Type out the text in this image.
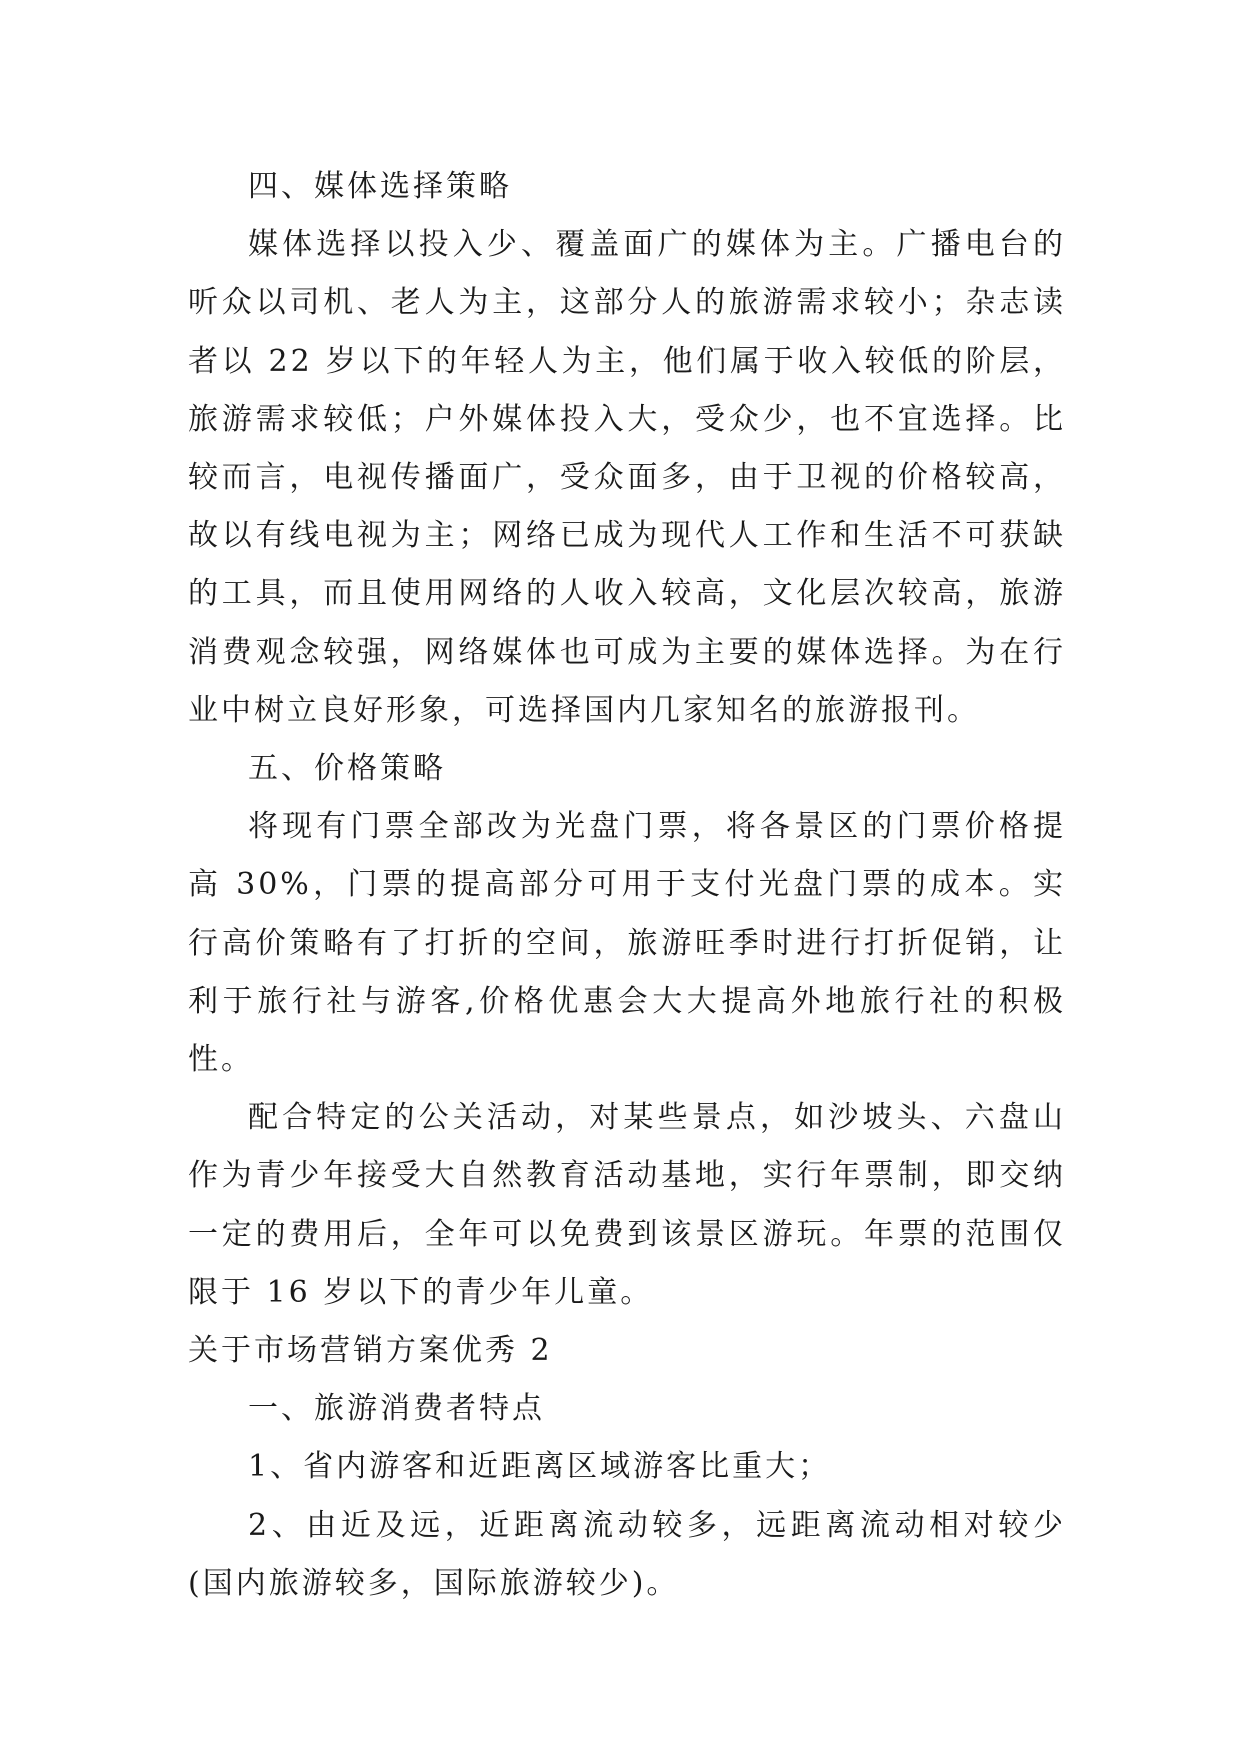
四、媒体选择策略

媒体选择以投入少、覆盖面广的媒体为主。广播电台的听众以司机、老人为主，这部分人的旅游需求较小；杂志读者以 22 岁以下的年轻人为主，他们属于收入较低的阶层，旅游需求较低；户外媒体投入大，受众少，也不宜选择。比较而言，电视传播面广，受众面多，由于卫视的价格较高，故以有线电视为主；网络已成为现代人工作和生活不可获缺的工具，而且使用网络的人收入较高，文化层次较高，旅游消费观念较强，网络媒体也可成为主要的媒体选择。为在行业中树立良好形象，可选择国内几家知名的旅游报刊。

五、价格策略

将现有门票全部改为光盘门票，将各景区的门票价格提高 30%，门票的提高部分可用于支付光盘门票的成本。实行高价策略有了打折的空间，旅游旺季时进行打折促销，让利于旅行社与游客,价格优惠会大大提高外地旅行社的积极性。

配合特定的公关活动，对某些景点，如沙坡头、六盘山作为青少年接受大自然教育活动基地，实行年票制，即交纳一定的费用后，全年可以免费到该景区游玩。年票的范围仅限于 16 岁以下的青少年儿童。

关于市场营销方案优秀 2

一、旅游消费者特点

1、省内游客和近距离区域游客比重大；

2、由近及远，近距离流动较多，远距离流动相对较少(国内旅游较多，国际旅游较少)。
